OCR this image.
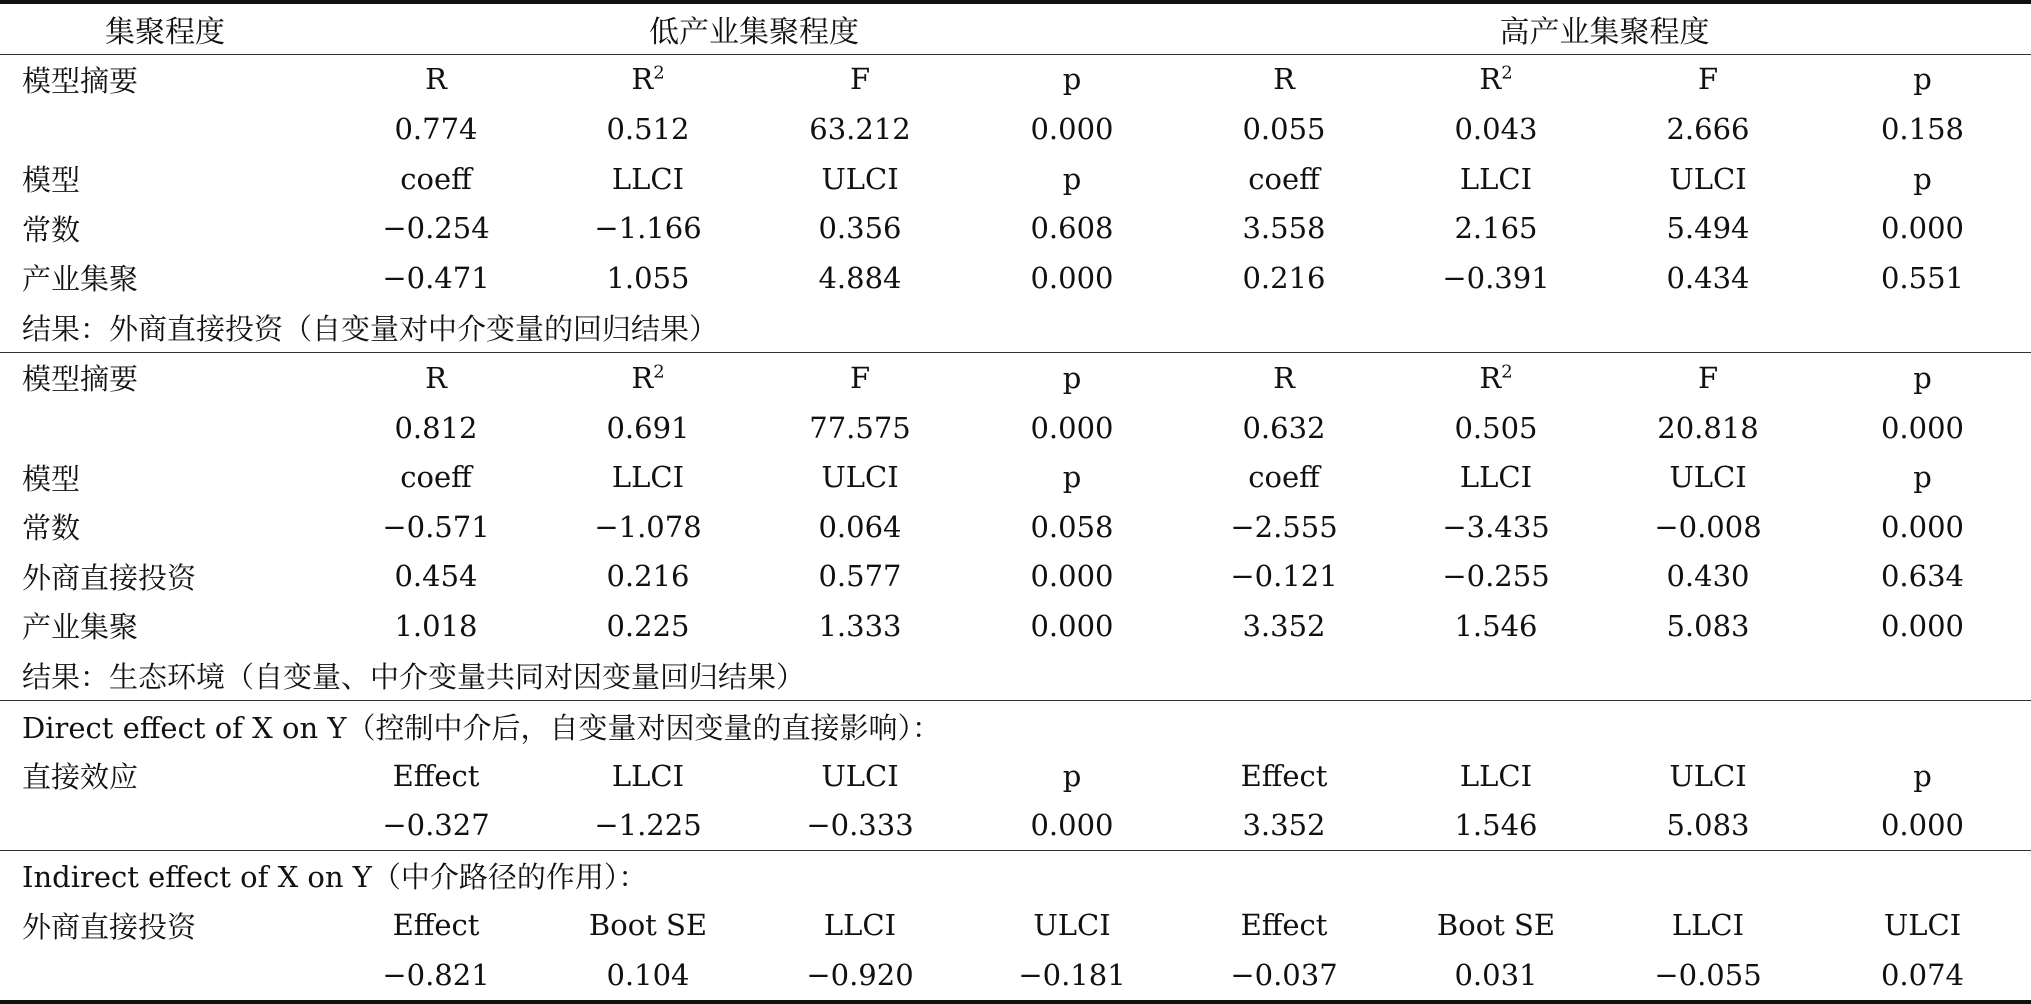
集聚程度	低产业集聚程度				高产业集聚程度			
模型摘要	R	$R^2$	F	p	R	$R^2$	F	p
	0.774	0.512	63.212	0.000	0.055	0.043	2.666	0.158
模型	coeff	LLCI	ULCI	p	coeff	LLCI	ULCI	p
常数	−0.254	−1.166	0.356	0.608	3.558	2.165	5.494	0.000
产业集聚	−0.471	1.055	4.884	0.000	0.216	−0.391	0.434	0.551
结果：外商直接投资（自变量对中介变量的回归结果）								
模型摘要	R	$R^2$	F	p	R	$R^2$	F	p
	0.812	0.691	77.575	0.000	0.632	0.505	20.818	0.000
模型	coeff	LLCI	ULCI	p	coeff	LLCI	ULCI	p
常数	−0.571	−1.078	0.064	0.058	−2.555	−3.435	−0.008	0.000
外商直接投资	0.454	0.216	0.577	0.000	−0.121	−0.255	0.430	0.634
产业集聚	1.018	0.225	1.333	0.000	3.352	1.546	5.083	0.000
结果：生态环境（自变量、中介变量共同对因变量回归结果）								
Direct effect of X on Y（控制中介后，自变量对因变量的直接影响）：								
直接效应	Effect	LLCI	ULCI	p	Effect	LLCI	ULCI	p
	−0.327	−1.225	−0.333	0.000	3.352	1.546	5.083	0.000
Indirect effect of X on Y（中介路径的作用）：								
外商直接投资	Effect	Boot SE	LLCI	ULCI	Effect	Boot SE	LLCI	ULCI
	−0.821	0.104	−0.920	−0.181	−0.037	0.031	−0.055	0.074
